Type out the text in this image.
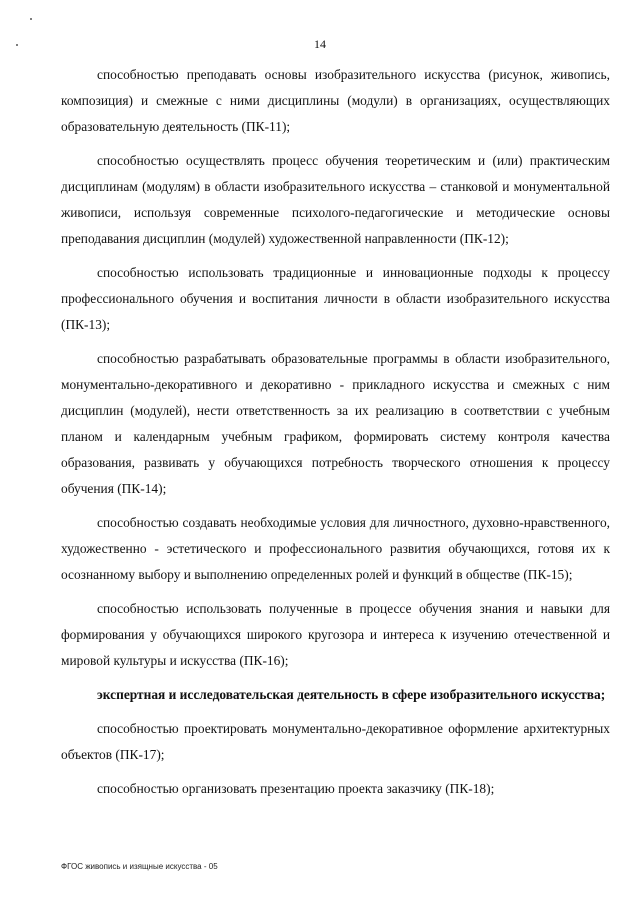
14

способностью преподавать основы изобразительного искусства (рисунок, живопись, композиция) и смежные с ними дисциплины (модули) в организациях, осуществляющих образовательную деятельность (ПК-11);

способностью осуществлять процесс обучения теоретическим и (или) практическим дисциплинам (модулям) в области изобразительного искусства – станковой и монументальной живописи, используя современные психолого-педагогические и методические основы преподавания дисциплин (модулей) художественной направленности (ПК-12);

способностью использовать традиционные и инновационные подходы к процессу профессионального обучения и воспитания личности в области изобразительного искусства (ПК-13);

способностью разрабатывать образовательные программы в области изобразительного, монументально-декоративного и декоративно - прикладного искусства и смежных с ним дисциплин (модулей), нести ответственность за их реализацию в соответствии с учебным планом и календарным учебным графиком, формировать систему контроля качества образования, развивать у обучающихся потребность творческого отношения к процессу обучения (ПК-14);

способностью создавать необходимые условия для личностного, духовно-нравственного, художественно - эстетического и профессионального развития обучающихся, готовя их к осознанному выбору и выполнению определенных ролей и функций в обществе (ПК-15);

способностью использовать полученные в процессе обучения знания и навыки для формирования у обучающихся широкого кругозора и интереса к изучению отечественной и мировой культуры и искусства (ПК-16);

экспертная и исследовательская деятельность в сфере изобразительного искусства;

способностью проектировать монументально-декоративное оформление архитектурных объектов (ПК-17);

способностью организовать презентацию проекта заказчику (ПК-18);

ФГОС живопись и изящные искусства - 05
